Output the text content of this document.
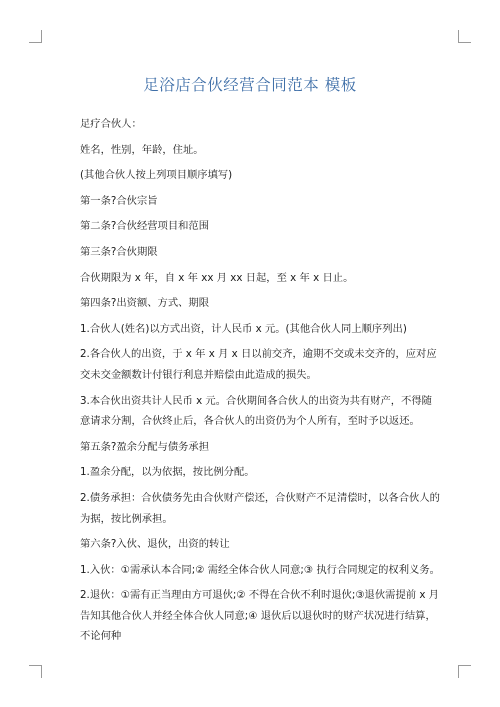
足浴店合伙经营合同范本 模板

足疗合伙人：

姓名，性别，年龄，住址。

(其他合伙人按上列项目顺序填写)

第一条?合伙宗旨

第二条?合伙经营项目和范围

第三条?合伙期限

合伙期限为 x 年，自 x 年 xx 月 xx 日起，至 x 年 x 日止。

第四条?出资额、方式、期限

1.合伙人(姓名)以方式出资，计人民币 x 元。(其他合伙人同上顺序列出)

2.各合伙人的出资，于 x 年 x 月 x 日以前交齐，逾期不交或未交齐的，应对应交未交金额数计付银行利息并赔偿由此造成的损失。

3.本合伙出资共计人民币 x 元。合伙期间各合伙人的出资为共有财产，不得随意请求分割，合伙终止后，各合伙人的出资仍为个人所有，至时予以返还。

第五条?盈余分配与债务承担

1.盈余分配，以为依据，按比例分配。

2.债务承担：合伙债务先由合伙财产偿还，合伙财产不足清偿时，以各合伙人的为据，按比例承担。

第六条?入伙、退伙，出资的转让

1.入伙：①需承认本合同;② 需经全体合伙人同意;③ 执行合同规定的权利义务。

2.退伙：①需有正当理由方可退伙;② 不得在合伙不利时退伙;③退伙需提前 x 月告知其他合伙人并经全体合伙人同意;④ 退伙后以退伙时的财产状况进行结算，不论何种
